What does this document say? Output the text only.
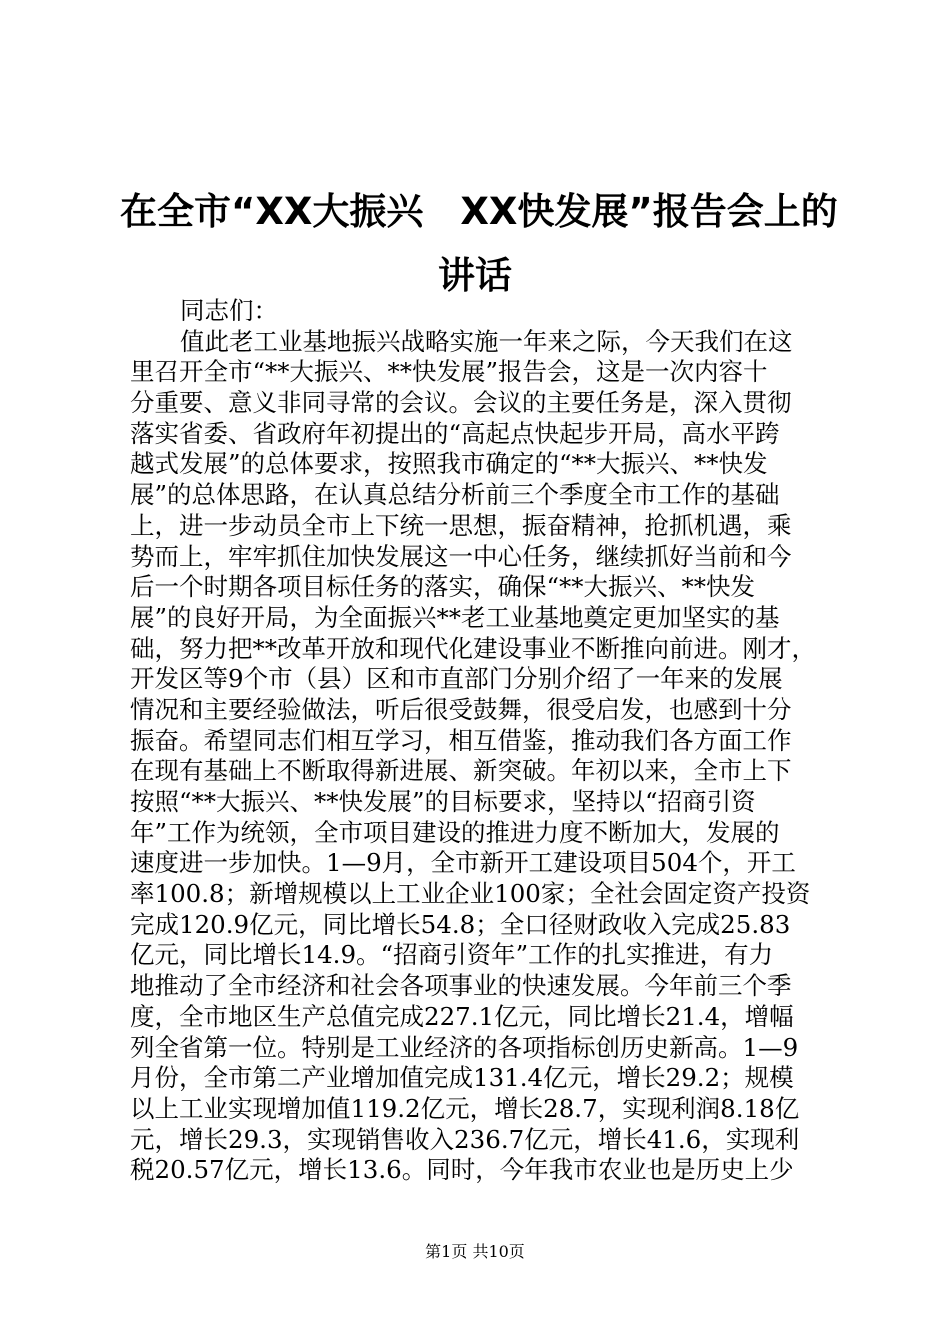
在全市“XX大振兴　XX快发展”报告会上的
讲话
同志们：
值此老工业基地振兴战略实施一年来之际，今天我们在这
里召开全市“**大振兴、**快发展”报告会，这是一次内容十
分重要、意义非同寻常的会议。会议的主要任务是，深入贯彻
落实省委、省政府年初提出的“高起点快起步开局，高水平跨
越式发展”的总体要求，按照我市确定的“**大振兴、**快发
展”的总体思路，在认真总结分析前三个季度全市工作的基础
上，进一步动员全市上下统一思想，振奋精神，抢抓机遇，乘
势而上，牢牢抓住加快发展这一中心任务，继续抓好当前和今
后一个时期各项目标任务的落实，确保“**大振兴、**快发
展”的良好开局，为全面振兴**老工业基地奠定更加坚实的基
础，努力把**改革开放和现代化建设事业不断推向前进。刚才，
开发区等9个市（县）区和市直部门分别介绍了一年来的发展
情况和主要经验做法，听后很受鼓舞，很受启发，也感到十分
振奋。希望同志们相互学习，相互借鉴，推动我们各方面工作
在现有基础上不断取得新进展、新突破。年初以来，全市上下
按照“**大振兴、**快发展”的目标要求，坚持以“招商引资
年”工作为统领，全市项目建设的推进力度不断加大，发展的
速度进一步加快。1—9月，全市新开工建设项目504个，开工
率100.8；新增规模以上工业企业100家；全社会固定资产投资
完成120.9亿元，同比增长54.8；全口径财政收入完成25.83
亿元，同比增长14.9。“招商引资年”工作的扎实推进，有力
地推动了全市经济和社会各项事业的快速发展。今年前三个季
度，全市地区生产总值完成227.1亿元，同比增长21.4，增幅
列全省第一位。特别是工业经济的各项指标创历史新高。1—9
月份，全市第二产业增加值完成131.4亿元，增长29.2；规模
以上工业实现增加值119.2亿元，增长28.7，实现利润8.18亿
元，增长29.3，实现销售收入236.7亿元，增长41.6，实现利
税20.57亿元，增长13.6。同时，今年我市农业也是历史上少
第1页 共10页
